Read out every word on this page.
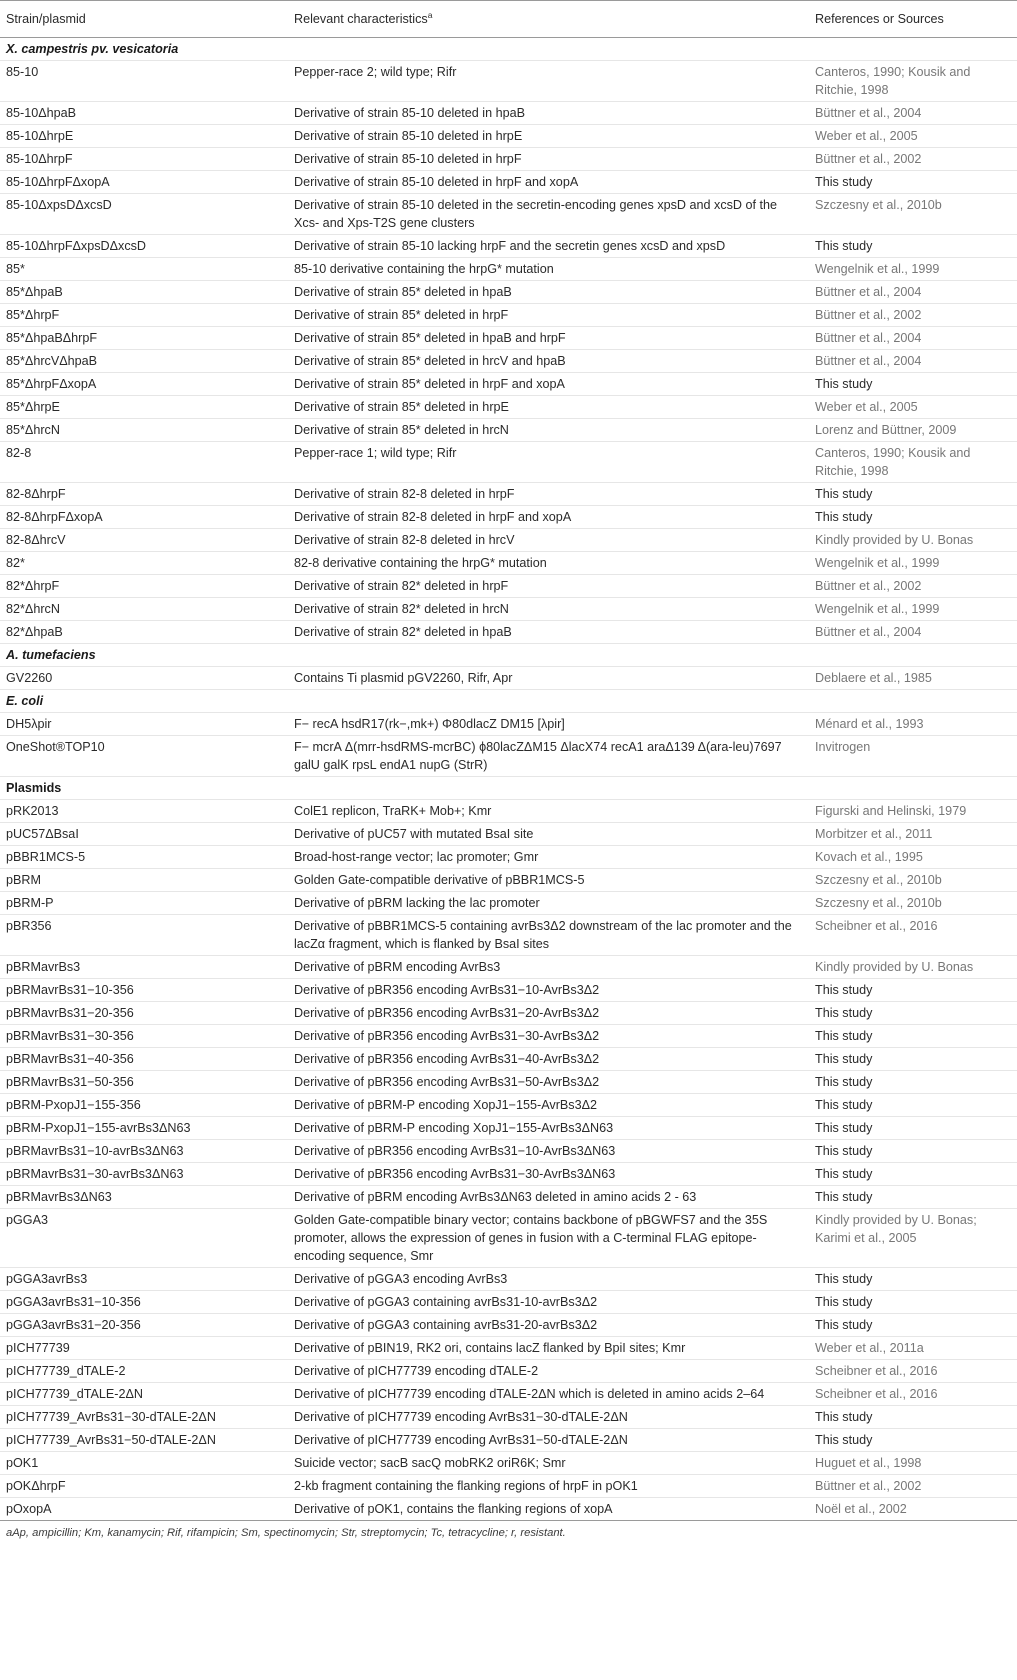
Strain/plasmid	Relevant characteristics$^a$	References or Sources
X. campestris pv. vesicatoria		
85-10	Pepper-race 2; wild type; Rifr	Canteros, 1990; Kousik and Ritchie, 1998
85-10ΔhpaB	Derivative of strain 85-10 deleted in hpaB	Büttner et al., 2004
85-10ΔhrpE	Derivative of strain 85-10 deleted in hrpE	Weber et al., 2005
85-10ΔhrpF	Derivative of strain 85-10 deleted in hrpF	Büttner et al., 2002
85-10ΔhrpFΔxopA	Derivative of strain 85-10 deleted in hrpF and xopA	This study
85-10ΔxpsDΔxcsD	Derivative of strain 85-10 deleted in the secretin-encoding genes xpsD and xcsD of the Xcs- and Xps-T2S gene clusters	Szczesny et al., 2010b
85-10ΔhrpFΔxpsDΔxcsD	Derivative of strain 85-10 lacking hrpF and the secretin genes xcsD and xpsD	This study
85*	85-10 derivative containing the hrpG* mutation	Wengelnik et al., 1999
85*ΔhpaB	Derivative of strain 85* deleted in hpaB	Büttner et al., 2004
85*ΔhrpF	Derivative of strain 85* deleted in hrpF	Büttner et al., 2002
85*ΔhpaBΔhrpF	Derivative of strain 85* deleted in hpaB and hrpF	Büttner et al., 2004
85*ΔhrcVΔhpaB	Derivative of strain 85* deleted in hrcV and hpaB	Büttner et al., 2004
85*ΔhrpFΔxopA	Derivative of strain 85* deleted in hrpF and xopA	This study
85*ΔhrpE	Derivative of strain 85* deleted in hrpE	Weber et al., 2005
85*ΔhrcN	Derivative of strain 85* deleted in hrcN	Lorenz and Büttner, 2009
82-8	Pepper-race 1; wild type; Rifr	Canteros, 1990; Kousik and Ritchie, 1998
82-8ΔhrpF	Derivative of strain 82-8 deleted in hrpF	This study
82-8ΔhrpFΔxopA	Derivative of strain 82-8 deleted in hrpF and xopA	This study
82-8ΔhrcV	Derivative of strain 82-8 deleted in hrcV	Kindly provided by U. Bonas
82*	82-8 derivative containing the hrpG* mutation	Wengelnik et al., 1999
82*ΔhrpF	Derivative of strain 82* deleted in hrpF	Büttner et al., 2002
82*ΔhrcN	Derivative of strain 82* deleted in hrcN	Wengelnik et al., 1999
82*ΔhpaB	Derivative of strain 82* deleted in hpaB	Büttner et al., 2004
A. tumefaciens		
GV2260	Contains Ti plasmid pGV2260, Rifr, Apr	Deblaere et al., 1985
E. coli		
DH5λpir	F− recA hsdR17(rk−,mk+) Φ80dlacZ DM15 [λpir]	Ménard et al., 1993
OneShot®TOP10	F− mcrA Δ(mrr-hsdRMS-mcrBC) ϕ80lacZΔM15 ΔlacX74 recA1 araΔ139 Δ(ara-leu)7697 galU galK rpsL endA1 nupG (StrR)	Invitrogen
Plasmids		
pRK2013	ColE1 replicon, TraRK+ Mob+; Kmr	Figurski and Helinski, 1979
pUC57ΔBsaI	Derivative of pUC57 with mutated BsaI site	Morbitzer et al., 2011
pBBR1MCS-5	Broad-host-range vector; lac promoter; Gmr	Kovach et al., 1995
pBRM	Golden Gate-compatible derivative of pBBR1MCS-5	Szczesny et al., 2010b
pBRM-P	Derivative of pBRM lacking the lac promoter	Szczesny et al., 2010b
pBR356	Derivative of pBBR1MCS-5 containing avrBs3Δ2 downstream of the lac promoter and the lacZα fragment, which is flanked by BsaI sites	Scheibner et al., 2016
pBRMavrBs3	Derivative of pBRM encoding AvrBs3	Kindly provided by U. Bonas
pBRMavrBs31−10-356	Derivative of pBR356 encoding AvrBs31−10-AvrBs3Δ2	This study
pBRMavrBs31−20-356	Derivative of pBR356 encoding AvrBs31−20-AvrBs3Δ2	This study
pBRMavrBs31−30-356	Derivative of pBR356 encoding AvrBs31−30-AvrBs3Δ2	This study
pBRMavrBs31−40-356	Derivative of pBR356 encoding AvrBs31−40-AvrBs3Δ2	This study
pBRMavrBs31−50-356	Derivative of pBR356 encoding AvrBs31−50-AvrBs3Δ2	This study
pBRM-PxopJ1−155-356	Derivative of pBRM-P encoding XopJ1−155-AvrBs3Δ2	This study
pBRM-PxopJ1−155-avrBs3ΔN63	Derivative of pBRM-P encoding XopJ1−155-AvrBs3ΔN63	This study
pBRMavrBs31−10-avrBs3ΔN63	Derivative of pBR356 encoding AvrBs31−10-AvrBs3ΔN63	This study
pBRMavrBs31−30-avrBs3ΔN63	Derivative of pBR356 encoding AvrBs31−30-AvrBs3ΔN63	This study
pBRMavrBs3ΔN63	Derivative of pBRM encoding AvrBs3ΔN63 deleted in amino acids 2 - 63	This study
pGGA3	Golden Gate-compatible binary vector; contains backbone of pBGWFS7 and the 35S promoter, allows the expression of genes in fusion with a C-terminal FLAG epitope-encoding sequence, Smr	Kindly provided by U. Bonas; Karimi et al., 2005
pGGA3avrBs3	Derivative of pGGA3 encoding AvrBs3	This study
pGGA3avrBs31−10-356	Derivative of pGGA3 containing avrBs31-10-avrBs3Δ2	This study
pGGA3avrBs31−20-356	Derivative of pGGA3 containing avrBs31-20-avrBs3Δ2	This study
pICH77739	Derivative of pBIN19, RK2 ori, contains lacZ flanked by BpiI sites; Kmr	Weber et al., 2011a
pICH77739_dTALE-2	Derivative of pICH77739 encoding dTALE-2	Scheibner et al., 2016
pICH77739_dTALE-2ΔN	Derivative of pICH77739 encoding dTALE-2ΔN which is deleted in amino acids 2–64	Scheibner et al., 2016
pICH77739_AvrBs31−30-dTALE-2ΔN	Derivative of pICH77739 encoding AvrBs31−30-dTALE-2ΔN	This study
pICH77739_AvrBs31−50-dTALE-2ΔN	Derivative of pICH77739 encoding AvrBs31−50-dTALE-2ΔN	This study
pOK1	Suicide vector; sacB sacQ mobRK2 oriR6K; Smr	Huguet et al., 1998
pOKΔhrpF	2-kb fragment containing the flanking regions of hrpF in pOK1	Büttner et al., 2002
pOxopA	Derivative of pOK1, contains the flanking regions of xopA	Noël et al., 2002
aAp, ampicillin; Km, kanamycin; Rif, rifampicin; Sm, spectinomycin; Str, streptomycin; Tc, tetracycline; r, resistant.
